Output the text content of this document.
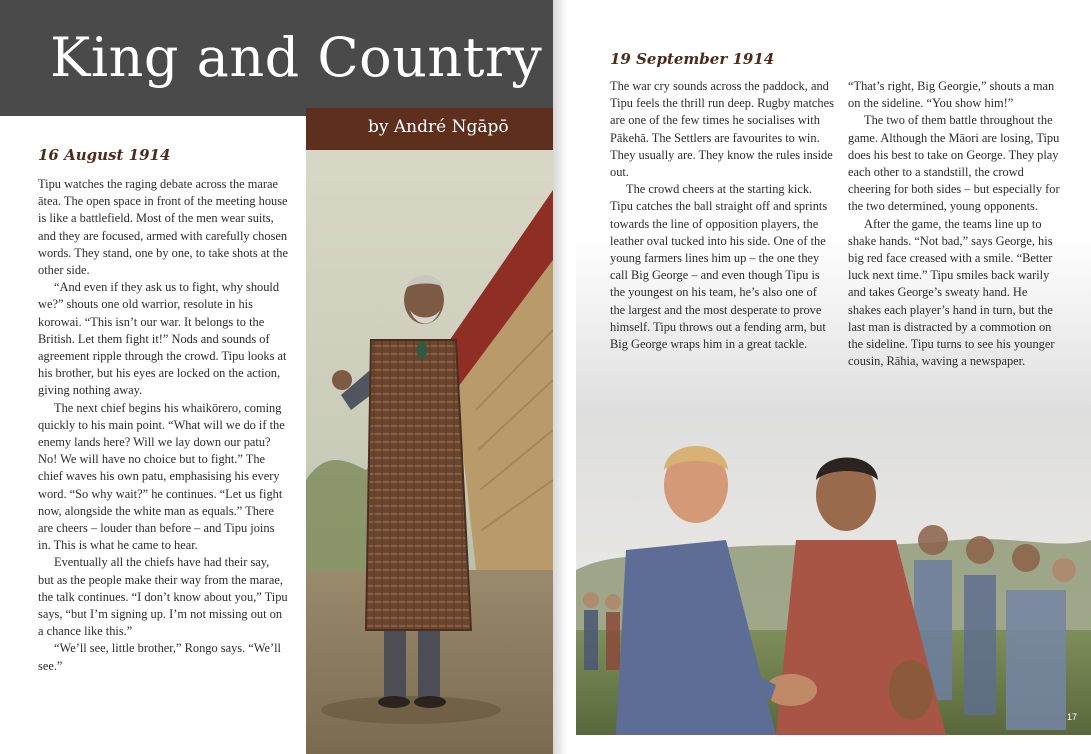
King and Country
by André Ngāpō
16 August 1914

Tipu watches the raging debate across the marae ātea. The open space in front of the meeting house is like a battlefield. Most of the men wear suits, and they are focused, armed with carefully chosen words. They stand, one by one, to take shots at the other side.

“And even if they ask us to fight, why should we?” shouts one old warrior, resolute in his korowai. “This isn’t our war. It belongs to the British. Let them fight it!” Nods and sounds of agreement ripple through the crowd. Tipu looks at his brother, but his eyes are locked on the action, giving nothing away.

The next chief begins his whaikōrero, coming quickly to his main point. “What will we do if the enemy lands here? Will we lay down our patu? No! We will have no choice but to fight.” The chief waves his own patu, emphasising his every word. “So why wait?” he continues. “Let us fight now, alongside the white man as equals.” There are cheers – louder than before – and Tipu joins in. This is what he came to hear.

Eventually all the chiefs have had their say, but as the people make their way from the marae, the talk continues. “I don’t know about you,” Tipu says, “but I’m signing up. I’m not missing out on a chance like this.”

“We’ll see, little brother,” Rongo says. “We’ll see.”

19 September 1914

The war cry sounds across the paddock, and Tipu feels the thrill run deep. Rugby matches are one of the few times he socialises with Pākehā. The Settlers are favourites to win. They usually are. They know the rules inside out.

The crowd cheers at the starting kick. Tipu catches the ball straight off and sprints towards the line of opposition players, the leather oval tucked into his side. One of the young farmers lines him up – the one they call Big George – and even though Tipu is the youngest on his team, he’s also one of the largest and the most desperate to prove himself. Tipu throws out a fending arm, but Big George wraps him in a great tackle.

“That’s right, Big Georgie,” shouts a man on the sideline. “You show him!”

The two of them battle throughout the game. Although the Māori are losing, Tipu does his best to take on George. They play each other to a standstill, the crowd cheering for both sides – but especially for the two determined, young opponents.

After the game, the teams line up to shake hands. “Not bad,” says George, his big red face creased with a smile. “Better luck next time.” Tipu smiles back warily and takes George’s sweaty hand. He shakes each player’s hand in turn, but the last man is distracted by a commotion on the sideline. Tipu turns to see his younger cousin, Rāhia, waving a newspaper.

17
